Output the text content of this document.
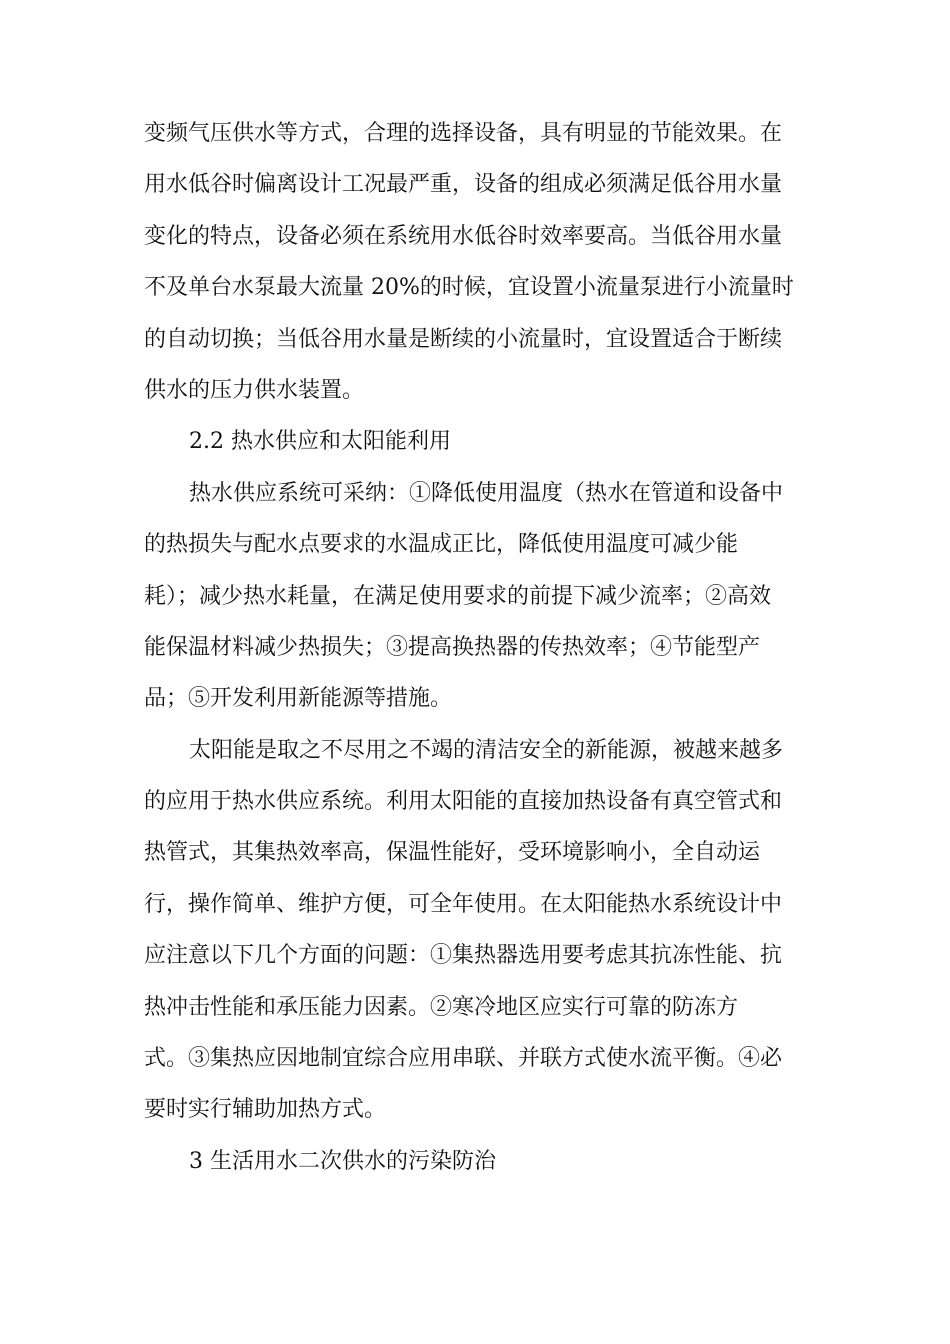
变频气压供水等方式，合理的选择设备，具有明显的节能效果。在
用水低谷时偏离设计工况最严重，设备的组成必须满足低谷用水量
变化的特点，设备必须在系统用水低谷时效率要高。当低谷用水量
不及单台水泵最大流量 20%的时候，宜设置小流量泵进行小流量时
的自动切换；当低谷用水量是断续的小流量时，宜设置适合于断续
供水的压力供水装置。
2.2 热水供应和太阳能利用
热水供应系统可采纳：①降低使用温度（热水在管道和设备中
的热损失与配水点要求的水温成正比，降低使用温度可减少能
耗）；减少热水耗量，在满足使用要求的前提下减少流率；②高效
能保温材料减少热损失；③提高换热器的传热效率；④节能型产
品；⑤开发利用新能源等措施。
太阳能是取之不尽用之不竭的清洁安全的新能源，被越来越多
的应用于热水供应系统。利用太阳能的直接加热设备有真空管式和
热管式，其集热效率高，保温性能好，受环境影响小，全自动运
行，操作简单、维护方便，可全年使用。在太阳能热水系统设计中
应注意以下几个方面的问题：①集热器选用要考虑其抗冻性能、抗
热冲击性能和承压能力因素。②寒冷地区应实行可靠的防冻方
式。③集热应因地制宜综合应用串联、并联方式使水流平衡。④必
要时实行辅助加热方式。
3 生活用水二次供水的污染防治
